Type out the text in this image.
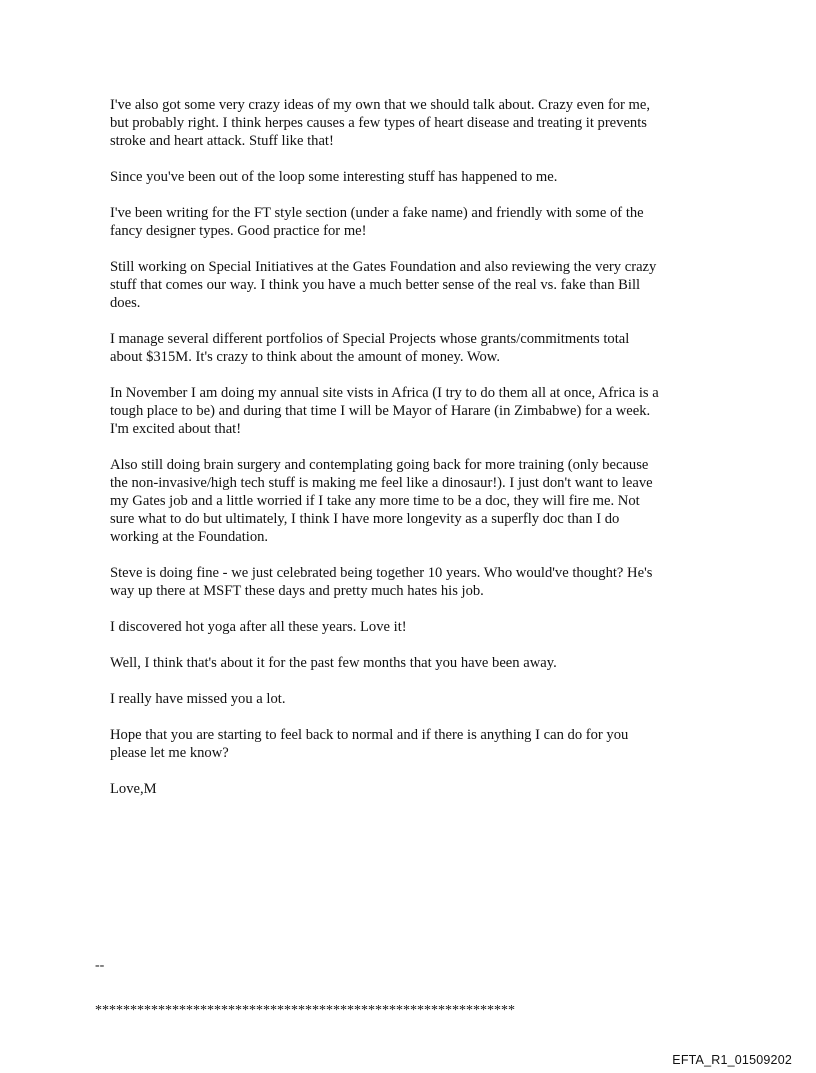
I've also got some very crazy ideas of my own that we should talk about. Crazy even for me,
but probably right. I think herpes causes a few types of heart disease and treating it prevents
stroke and heart attack. Stuff like that!

Since you've been out of the loop some interesting stuff has happened to me.

I've been writing for the FT style section (under a fake name) and friendly with some of the
fancy designer types. Good practice for me!

Still working on Special Initiatives at the Gates Foundation and also reviewing the very crazy
stuff that comes our way. I think you have a much better sense of the real vs. fake than Bill
does.

I manage several different portfolios of Special Projects whose grants/commitments total
about $315M. It's crazy to think about the amount of money. Wow.

In November I am doing my annual site vists in Africa (I try to do them all at once, Africa is a
tough place to be) and during that time I will be Mayor of Harare (in Zimbabwe) for a week.
I'm excited about that!

Also still doing brain surgery and contemplating going back for more training (only because
the non-invasive/high tech stuff is making me feel like a dinosaur!). I just don't want to leave
my Gates job and a little worried if I take any more time to be a doc, they will fire me. Not
sure what to do but ultimately, I think I have more longevity as a superfly doc than I do
working at the Foundation.

Steve is doing fine - we just celebrated being together 10 years. Who would've thought? He's
way up there at MSFT these days and pretty much hates his job.

I discovered hot yoga after all these years. Love it!

Well, I think that's about it for the past few months that you have been away.

I really have missed you a lot.

Hope that you are starting to feel back to normal and if there is anything I can do for you
please let me know?

Love,M

--

************************************************************

EFTA_R1_01509202
